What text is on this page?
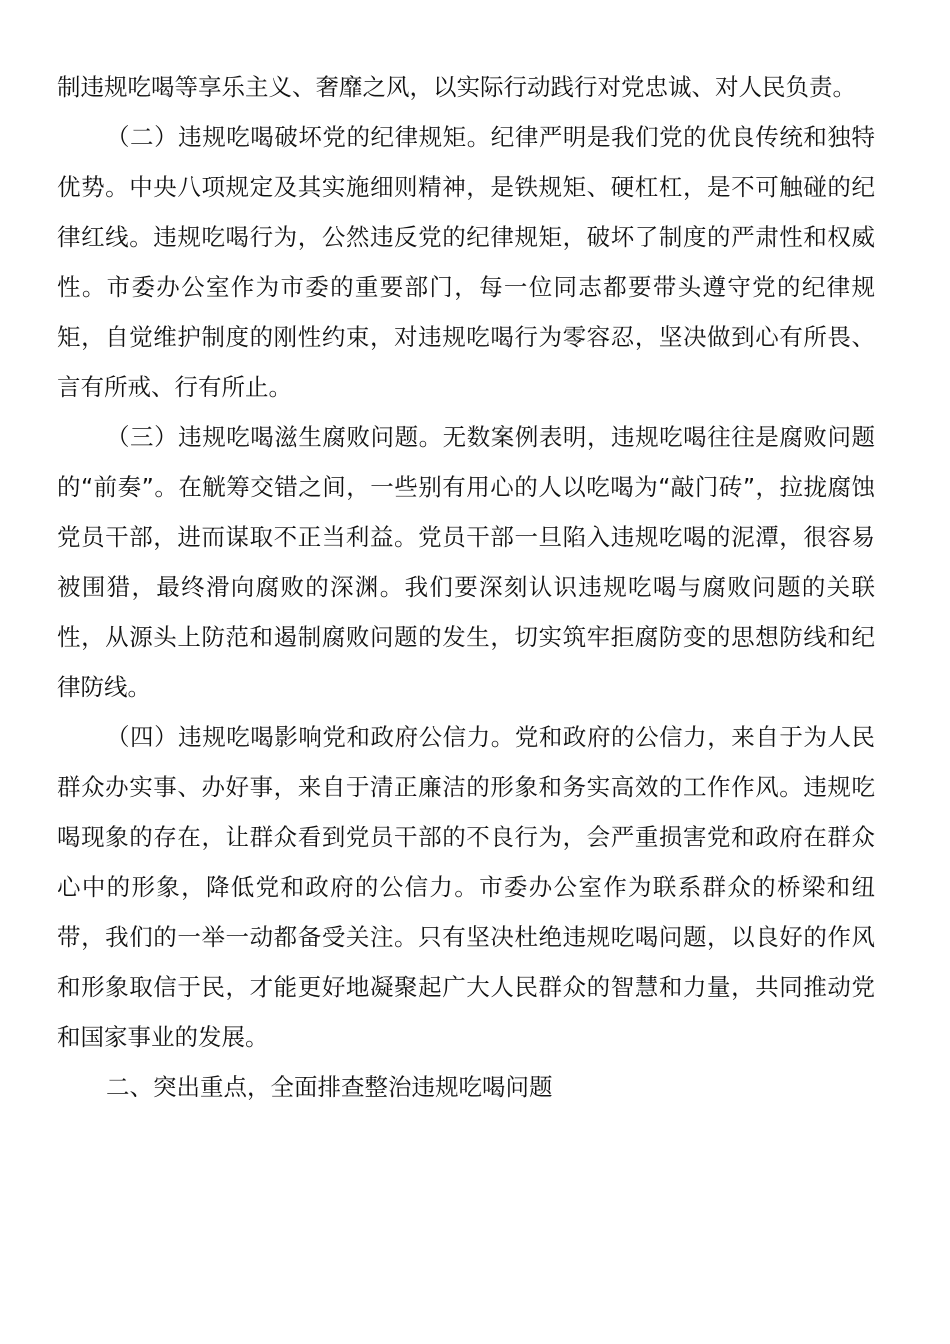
制违规吃喝等享乐主义、奢靡之风，以实际行动践行对党忠诚、对人民负责。

（二）违规吃喝破坏党的纪律规矩。纪律严明是我们党的优良传统和独特优势。中央八项规定及其实施细则精神，是铁规矩、硬杠杠，是不可触碰的纪律红线。违规吃喝行为，公然违反党的纪律规矩，破坏了制度的严肃性和权威性。市委办公室作为市委的重要部门，每一位同志都要带头遵守党的纪律规矩，自觉维护制度的刚性约束，对违规吃喝行为零容忍，坚决做到心有所畏、言有所戒、行有所止。

（三）违规吃喝滋生腐败问题。无数案例表明，违规吃喝往往是腐败问题的“前奏”。在觥筹交错之间，一些别有用心的人以吃喝为“敲门砖”，拉拢腐蚀党员干部，进而谋取不正当利益。党员干部一旦陷入违规吃喝的泥潭，很容易被围猎，最终滑向腐败的深渊。我们要深刻认识违规吃喝与腐败问题的关联性，从源头上防范和遏制腐败问题的发生，切实筑牢拒腐防变的思想防线和纪律防线。

（四）违规吃喝影响党和政府公信力。党和政府的公信力，来自于为人民群众办实事、办好事，来自于清正廉洁的形象和务实高效的工作作风。违规吃喝现象的存在，让群众看到党员干部的不良行为，会严重损害党和政府在群众心中的形象，降低党和政府的公信力。市委办公室作为联系群众的桥梁和纽带，我们的一举一动都备受关注。只有坚决杜绝违规吃喝问题，以良好的作风和形象取信于民，才能更好地凝聚起广大人民群众的智慧和力量，共同推动党和国家事业的发展。

二、突出重点，全面排查整治违规吃喝问题
